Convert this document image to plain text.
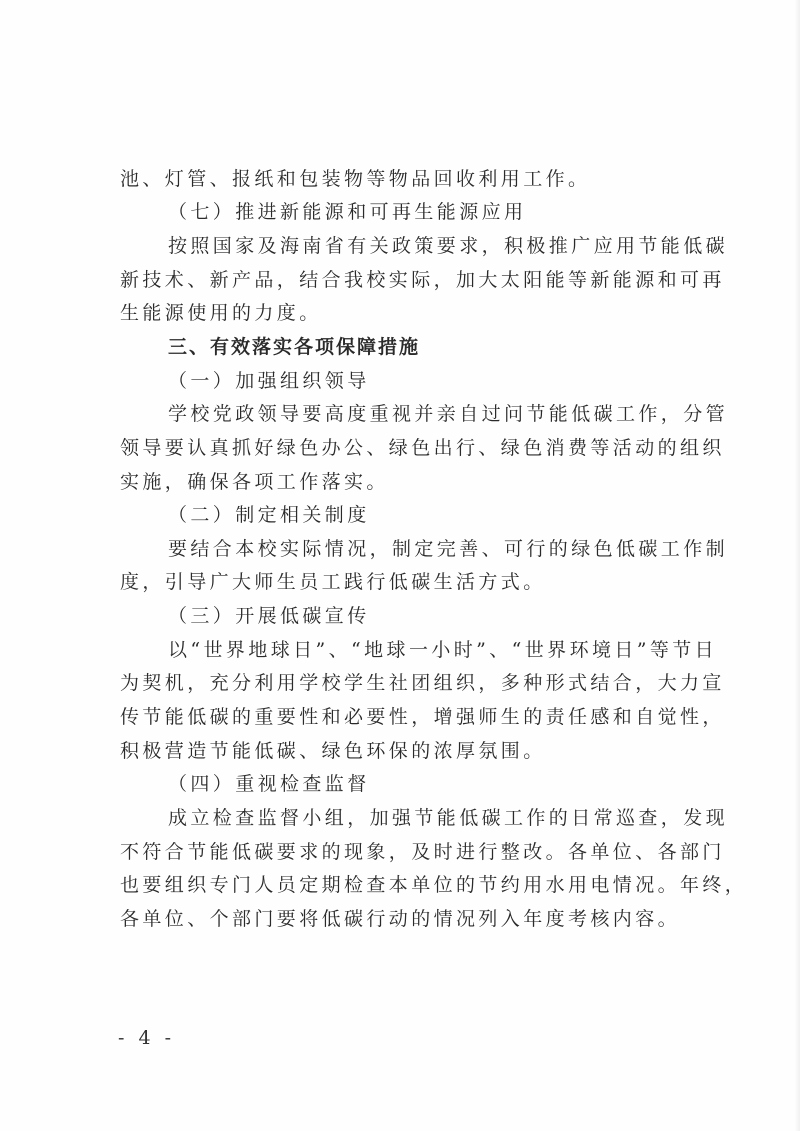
池、灯管、报纸和包装物等物品回收利用工作。
（七）推进新能源和可再生能源应用
按照国家及海南省有关政策要求，积极推广应用节能低碳
新技术、新产品，结合我校实际，加大太阳能等新能源和可再
生能源使用的力度。
三、有效落实各项保障措施
（一）加强组织领导
学校党政领导要高度重视并亲自过问节能低碳工作，分管
领导要认真抓好绿色办公、绿色出行、绿色消费等活动的组织
实施，确保各项工作落实。
（二）制定相关制度
要结合本校实际情况，制定完善、可行的绿色低碳工作制
度，引导广大师生员工践行低碳生活方式。
（三）开展低碳宣传
以“世界地球日”、“地球一小时”、“世界环境日”等节日
为契机，充分利用学校学生社团组织，多种形式结合，大力宣
传节能低碳的重要性和必要性，增强师生的责任感和自觉性，
积极营造节能低碳、绿色环保的浓厚氛围。
（四）重视检查监督
成立检查监督小组，加强节能低碳工作的日常巡查，发现
不符合节能低碳要求的现象，及时进行整改。各单位、各部门
也要组织专门人员定期检查本单位的节约用水用电情况。年终，
各单位、个部门要将低碳行动的情况列入年度考核内容。
- 4 -
